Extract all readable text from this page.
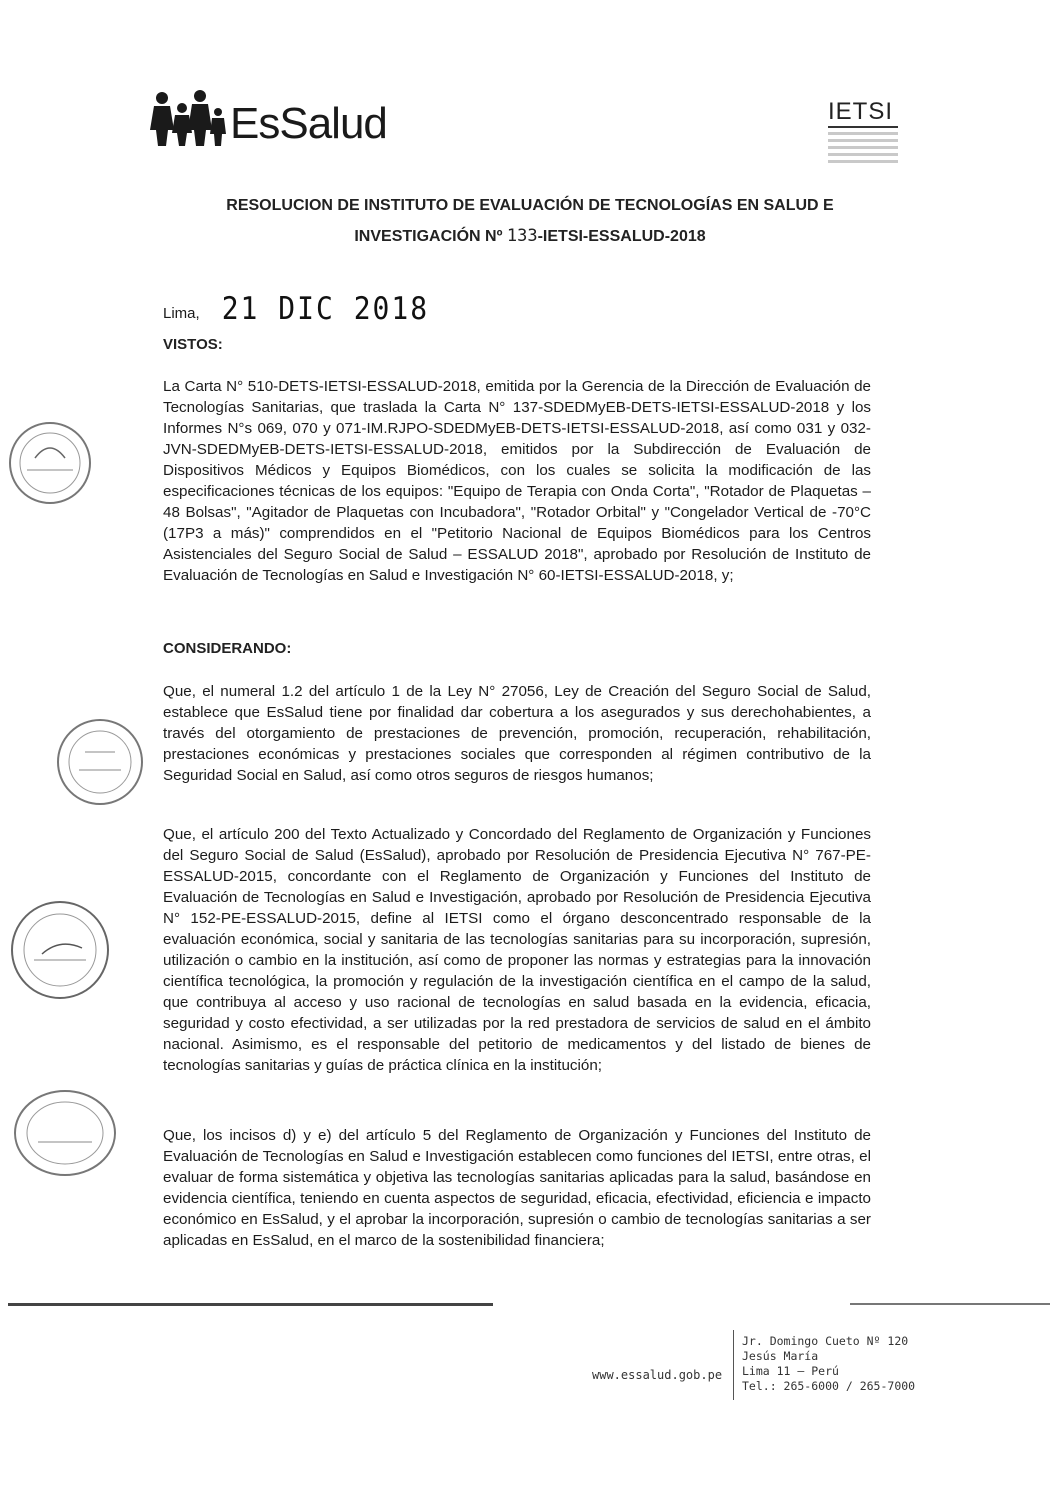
EsSalud	IETSI
RESOLUCION DE INSTITUTO DE EVALUACIÓN DE TECNOLOGÍAS EN SALUD E
INVESTIGACIÓN Nº 133-IETSI-ESSALUD-2018
Lima, 21 DIC 2018
VISTOS:

La Carta N° 510-DETS-IETSI-ESSALUD-2018, emitida por la Gerencia de la Dirección de Evaluación de Tecnologías Sanitarias, que traslada la Carta N° 137-SDEDMyEB-DETS-IETSI-ESSALUD-2018 y los Informes N°s 069, 070 y 071-IM.RJPO-SDEDMyEB-DETS-IETSI-ESSALUD-2018, así como 031 y 032-JVN-SDEDMyEB-DETS-IETSI-ESSALUD-2018, emitidos por la Subdirección de Evaluación de Dispositivos Médicos y Equipos Biomédicos, con los cuales se solicita la modificación de las especificaciones técnicas de los equipos: "Equipo de Terapia con Onda Corta", "Rotador de Plaquetas – 48 Bolsas", "Agitador de Plaquetas con Incubadora", "Rotador Orbital" y "Congelador Vertical de -70°C (17P3 a más)" comprendidos en el "Petitorio Nacional de Equipos Biomédicos para los Centros Asistenciales del Seguro Social de Salud – ESSALUD 2018", aprobado por Resolución de Instituto de Evaluación de Tecnologías en Salud e Investigación N° 60-IETSI-ESSALUD-2018, y;

CONSIDERANDO:

Que, el numeral 1.2 del artículo 1 de la Ley N° 27056, Ley de Creación del Seguro Social de Salud, establece que EsSalud tiene por finalidad dar cobertura a los asegurados y sus derechohabientes, a través del otorgamiento de prestaciones de prevención, promoción, recuperación, rehabilitación, prestaciones económicas y prestaciones sociales que corresponden al régimen contributivo de la Seguridad Social en Salud, así como otros seguros de riesgos humanos;

Que, el artículo 200 del Texto Actualizado y Concordado del Reglamento de Organización y Funciones del Seguro Social de Salud (EsSalud), aprobado por Resolución de Presidencia Ejecutiva N° 767-PE-ESSALUD-2015, concordante con el Reglamento de Organización y Funciones del Instituto de Evaluación de Tecnologías en Salud e Investigación, aprobado por Resolución de Presidencia Ejecutiva N° 152-PE-ESSALUD-2015, define al IETSI como el órgano desconcentrado responsable de la evaluación económica, social y sanitaria de las tecnologías sanitarias para su incorporación, supresión, utilización o cambio en la institución, así como de proponer las normas y estrategias para la innovación científica tecnológica, la promoción y regulación de la investigación científica en el campo de la salud, que contribuya al acceso y uso racional de tecnologías en salud basada en la evidencia, eficacia, seguridad y costo efectividad, a ser utilizadas por la red prestadora de servicios de salud en el ámbito nacional. Asimismo, es el responsable del petitorio de medicamentos y del listado de bienes de tecnologías sanitarias y guías de práctica clínica en la institución;

Que, los incisos d) y e) del artículo 5 del Reglamento de Organización y Funciones del Instituto de Evaluación de Tecnologías en Salud e Investigación establecen como funciones del IETSI, entre otras, el evaluar de forma sistemática y objetiva las tecnologías sanitarias aplicadas para la salud, basándose en evidencia científica, teniendo en cuenta aspectos de seguridad, eficacia, efectividad, eficiencia e impacto económico en EsSalud, y el aprobar la incorporación, supresión o cambio de tecnologías sanitarias a ser aplicadas en EsSalud, en el marco de la sostenibilidad financiera;

www.essalud.gob.pe
Jr. Domingo Cueto Nº 120
Jesús María
Lima 11 – Perú
Tel.: 265-6000 / 265-7000
